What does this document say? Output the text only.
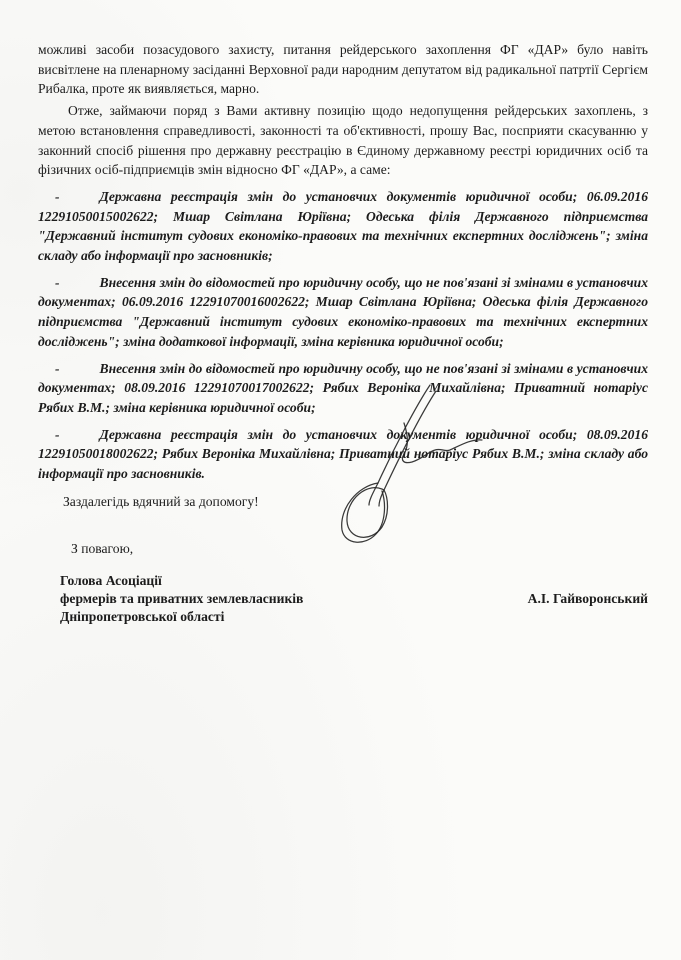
можливі засоби позасудового захисту, питання рейдерського захоплення ФГ «ДАР» було навіть висвітлене на пленарному засіданні Верховної ради народним депутатом від радикальної патртії Сергієм Рибалка, проте як виявляється, марно.

Отже, займаючи поряд з Вами активну позицію щодо недопущення рейдерських захоплень, з метою встановлення справедливості, законності та об'єктивності, прошу Вас, посприяти скасуванню у законний спосіб рішення про державну реєстрацію в Єдиному державному реєстрі юридичних осіб та фізичних осіб-підприємців змін відносно ФГ «ДАР», а саме:

-	Державна реєстрація змін до установчих документів юридичної особи; 06.09.2016 12291050015002622; Мшар Світлана Юріївна; Одеська філія Державного підприємства "Державний інститут судових економіко-правових та технічних експертних досліджень"; зміна складу або інформації про засновників;

-	Внесення змін до відомостей про юридичну особу, що не пов'язані зі змінами в установчих документах; 06.09.2016 12291070016002622; Мшар Світлана Юріївна; Одеська філія Державного підприємства "Державний інститут судових економіко-правових та технічних експертних досліджень"; зміна додаткової інформації, зміна керівника юридичної особи;

-	Внесення змін до відомостей про юридичну особу, що не пов'язані зі змінами в установчих документах; 08.09.2016 12291070017002622; Рябих Вероніка Михайлівна; Приватний нотаріус Рябих В.М.; зміна керівника юридичної особи;

-	Державна реєстрація змін до установчих документів юридичної особи; 08.09.2016 12291050018002622; Рябих Вероніка Михайлівна; Приватний нотаріус Рябих В.М.; зміна складу або інформації про засновників.

Заздалегідь вдячний за допомогу!

З повагою,

Голова Асоціації
фермерів та приватних землевласників
Дніпропетровської області
А.І. Гайворонський
